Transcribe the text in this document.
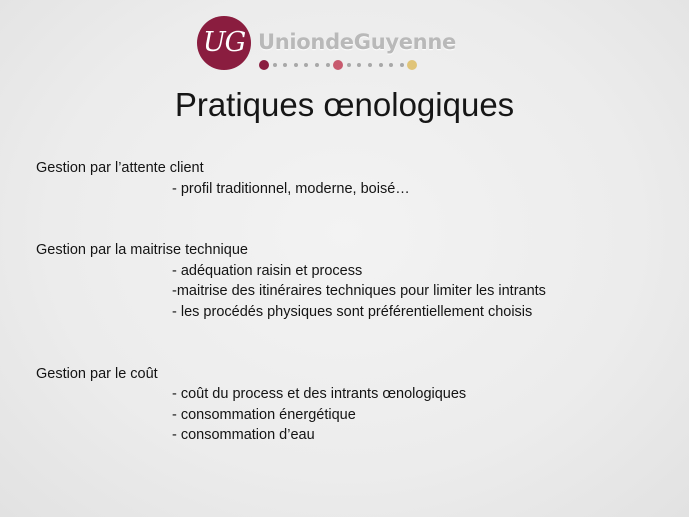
UG UniondeGuyenne
Pratiques œnologiques
Gestion par l’attente client
- profil traditionnel, moderne, boisé…
Gestion par la maitrise technique
- adéquation raisin et process
-maitrise des itinéraires techniques pour limiter les intrants
- les procédés physiques sont préférentiellement choisis
Gestion par le coût
- coût du process et des intrants œnologiques
- consommation énergétique
- consommation d’eau
